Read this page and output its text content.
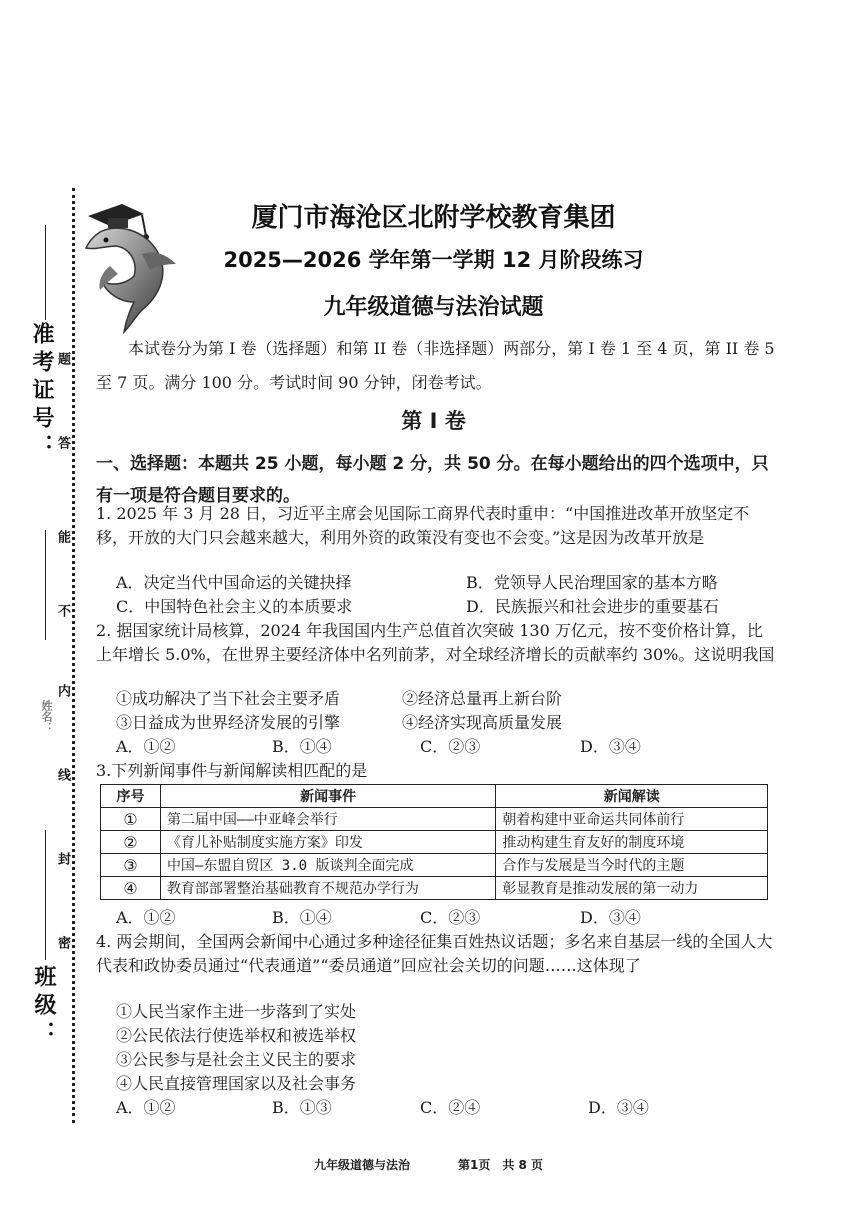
准考证号：
班级：
姓名：
题
答
能
不
内
线
封
密
厦门市海沧区北附学校教育集团
2025—2026 学年第一学期 12 月阶段练习
九年级道德与法治试题
本试卷分为第 I 卷（选择题）和第 II 卷（非选择题）两部分，第 I 卷 1 至 4 页，第 II 卷 5 至 7 页。满分 100 分。考试时间 90 分钟，闭卷考试。
第 I 卷
一、选择题：本题共 25 小题，每小题 2 分，共 50 分。在每小题给出的四个选项中，只有一项是符合题目要求的。

1. 2025 年 3 月 28 日，习近平主席会见国际工商界代表时重申：“中国推进改革开放坚定不移，开放的大门只会越来越大，利用外资的政策没有变也不会变。”这是因为改革开放是

A．决定当代中国命运的关键抉择	B．党领导人民治理国家的基本方略
C．中国特色社会主义的本质要求	D．民族振兴和社会进步的重要基石

2. 据国家统计局核算，2024 年我国国内生产总值首次突破 130 万亿元，按不变价格计算，比上年增长 5.0%，在世界主要经济体中名列前茅，对全球经济增长的贡献率约 30%。这说明我国

①成功解决了当下社会主要矛盾	②经济总量再上新台阶
③日益成为世界经济发展的引擎	④经济实现高质量发展
A．①②	B．①④	C．②③	D．③④
3.下列新闻事件与新闻解读相匹配的是
序号	新闻事件	新闻解读
①	第二届中国——中亚峰会举行	朝着构建中亚命运共同体前行
②	《育儿补贴制度实施方案》印发	推动构建生育友好的制度环境
③	中国—东盟自贸区 3.0 版谈判全面完成	合作与发展是当今时代的主题
④	教育部部署整治基础教育不规范办学行为	彰显教育是推动发展的第一动力
A．①②	B．①④	C．②③	D．③④

4. 两会期间，全国两会新闻中心通过多种途径征集百姓热议话题；多名来自基层一线的全国人大代表和政协委员通过“代表通道”“委员通道”回应社会关切的问题……这体现了

①人民当家作主进一步落到了实处
②公民依法行使选举权和被选举权
③公民参与是社会主义民主的要求
④人民直接管理国家以及社会事务
A．①②	B．①③	C．②④	D．③④
九年级道德与法治	第1页　共 8 页
